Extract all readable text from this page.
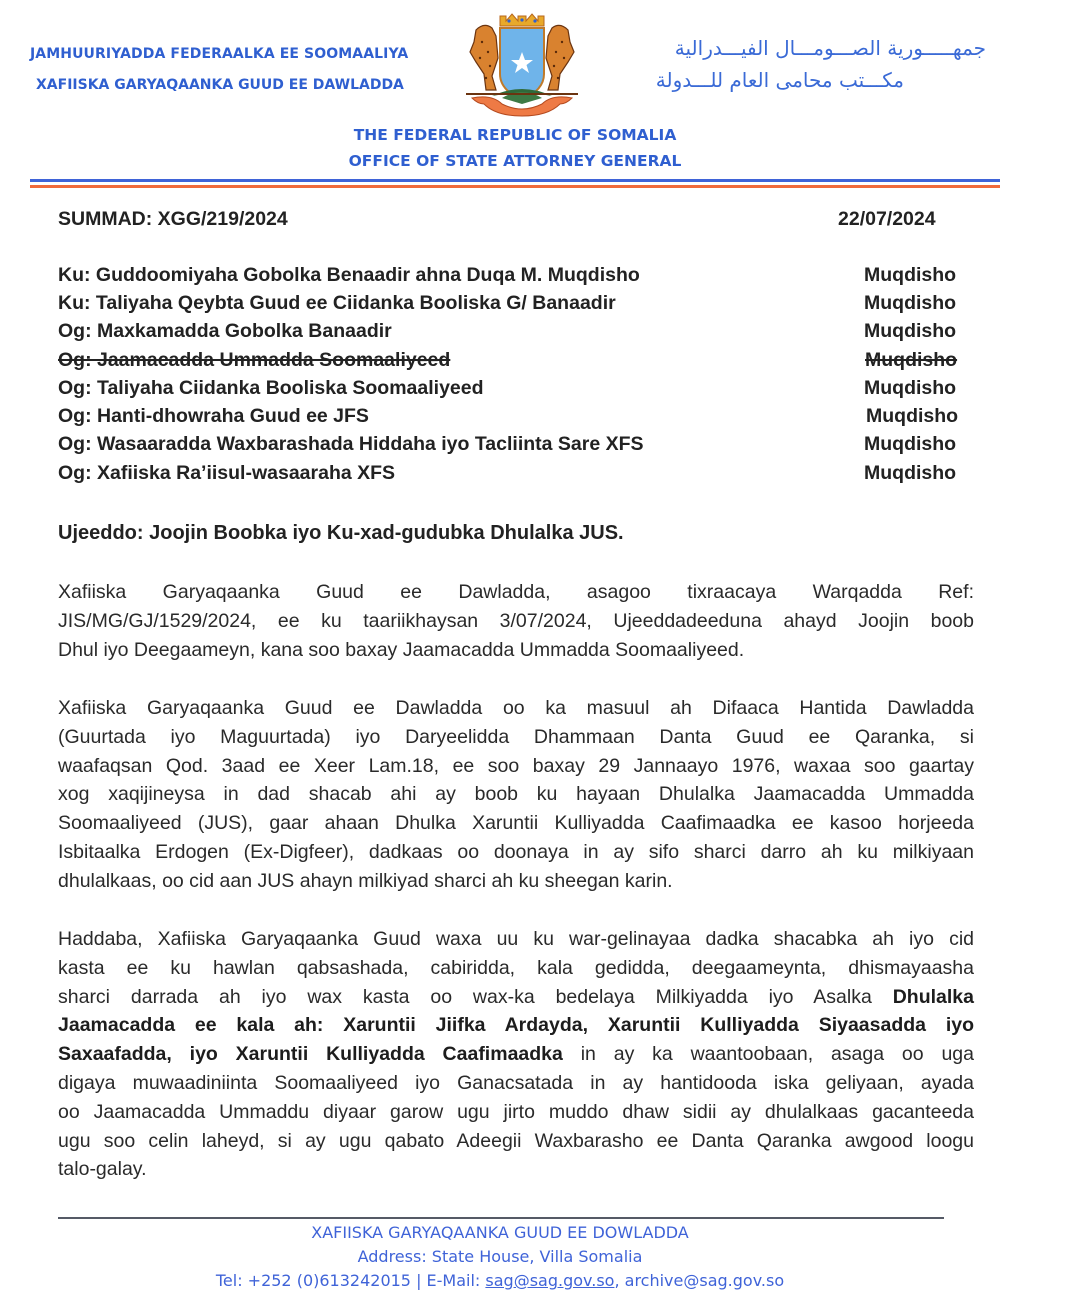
JAMHUURIYADDA FEDERAALKA EE SOOMAALIYA
XAFIISKA GARYAQAANKA GUUD EE DAWLADDA
جمهـــــورية الصـــومـــال الفيـــدرالية
مكـــتب محامى العام للـــدولة
THE FEDERAL REPUBLIC OF SOMALIA
OFFICE OF STATE ATTORNEY GENERAL
SUMMAD: XGG/219/2024	22/07/2024
Ku: Guddoomiyaha Gobolka Benaadir ahna Duqa M. Muqdisho	Muqdisho
Ku: Taliyaha Qeybta Guud ee Ciidanka Booliska G/ Banaadir	Muqdisho
Og: Maxkamadda Gobolka Banaadir	Muqdisho
Og: Jaamacadda Ummadda Soomaaliyeed	Muqdisho
Og: Taliyaha Ciidanka Booliska Soomaaliyeed	Muqdisho
Og: Hanti-dhowraha Guud ee JFS	Muqdisho
Og: Wasaaradda Waxbarashada Hiddaha iyo Tacliinta Sare XFS	Muqdisho
Og: Xafiiska Ra’iisul-wasaaraha XFS	Muqdisho
Ujeeddo: Joojin Boobka iyo Ku-xad-gudubka Dhulalka JUS.
Xafiiska Garyaqaanka Guud ee Dawladda, asagoo tixraacaya Warqadda Ref:
JIS/MG/GJ/1529/2024, ee ku taariikhaysan 3/07/2024, Ujeeddadeeduna ahayd Joojin boob
Dhul iyo Deegaameyn, kana soo baxay Jaamacadda Ummadda Soomaaliyeed.
Xafiiska Garyaqaanka Guud ee Dawladda oo ka masuul ah Difaaca Hantida Dawladda
(Guurtada iyo Maguurtada) iyo Daryeelidda Dhammaan Danta Guud ee Qaranka, si
waafaqsan Qod. 3aad ee Xeer Lam.18, ee soo baxay 29 Jannaayo 1976, waxaa soo gaartay
xog xaqijineysa in dad shacab ahi ay boob ku hayaan Dhulalka Jaamacadda Ummadda
Soomaaliyeed (JUS), gaar ahaan Dhulka Xaruntii Kulliyadda Caafimaadka ee kasoo horjeeda
Isbitaalka Erdogen (Ex-Digfeer), dadkaas oo doonaya in ay sifo sharci darro ah ku milkiyaan
dhulalkaas, oo cid aan JUS ahayn milkiyad sharci ah ku sheegan karin.
Haddaba, Xafiiska Garyaqaanka Guud waxa uu ku war-gelinayaa dadka shacabka ah iyo cid
kasta ee ku hawlan qabsashada, cabiridda, kala gedidda, deegaameynta, dhismayaasha
sharci darrada ah iyo wax kasta oo wax-ka bedelaya Milkiyadda iyo Asalka Dhulalka
Jaamacadda ee kala ah: Xaruntii Jiifka Ardayda, Xaruntii Kulliyadda Siyaasadda iyo
Saxaafadda, iyo Xaruntii Kulliyadda Caafimaadka in ay ka waantoobaan, asaga oo uga
digaya muwaadiniinta Soomaaliyeed iyo Ganacsatada in ay hantidooda iska geliyaan, ayada
oo Jaamacadda Ummaddu diyaar garow ugu jirto muddo dhaw sidii ay dhulalkaas gacanteeda
ugu soo celin laheyd, si ay ugu qabato Adeegii Waxbarasho ee Danta Qaranka awgood loogu
talo-galay.
XAFIISKA GARYAQAANKA GUUD EE DOWLADDA
Address: State House, Villa Somalia
Tel: +252 (0)613242015 | E-Mail: sag@sag.gov.so, archive@sag.gov.so
